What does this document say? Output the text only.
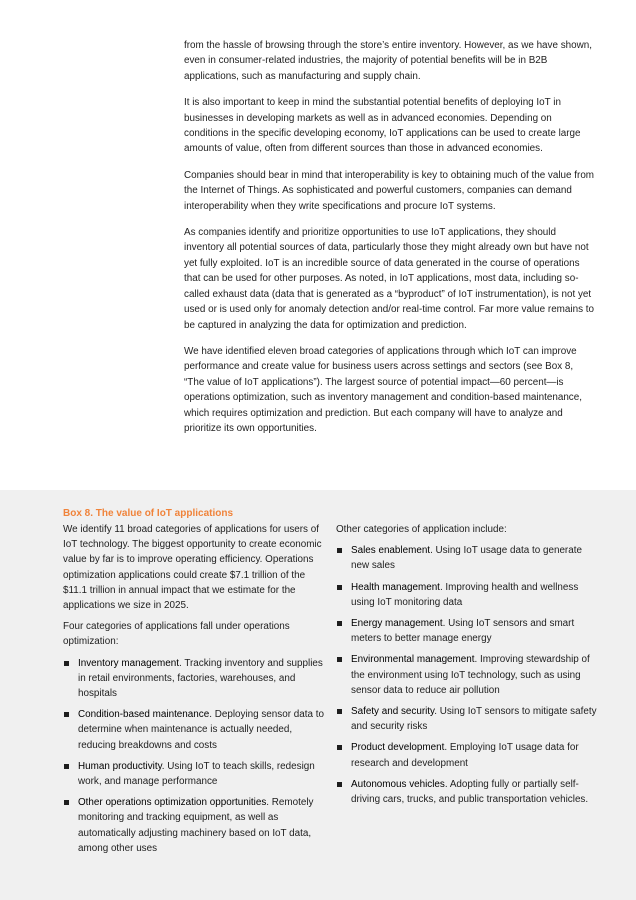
from the hassle of browsing through the store’s entire inventory. However, as we have shown, even in consumer-related industries, the majority of potential benefits will be in B2B applications, such as manufacturing and supply chain.

It is also important to keep in mind the substantial potential benefits of deploying IoT in businesses in developing markets as well as in advanced economies. Depending on conditions in the specific developing economy, IoT applications can be used to create large amounts of value, often from different sources than those in advanced economies.

Companies should bear in mind that interoperability is key to obtaining much of the value from the Internet of Things. As sophisticated and powerful customers, companies can demand interoperability when they write specifications and procure IoT systems.

As companies identify and prioritize opportunities to use IoT applications, they should inventory all potential sources of data, particularly those they might already own but have not yet fully exploited. IoT is an incredible source of data generated in the course of operations that can be used for other purposes. As noted, in IoT applications, most data, including so-called exhaust data (data that is generated as a “byproduct” of IoT instrumentation), is not yet used or is used only for anomaly detection and/or real-time control. Far more value remains to be captured in analyzing the data for optimization and prediction.

We have identified eleven broad categories of applications through which IoT can improve performance and create value for business users across settings and sectors (see Box 8, “The value of IoT applications”). The largest source of potential impact—60 percent—is operations optimization, such as inventory management and condition-based maintenance, which requires optimization and prediction. But each company will have to analyze and prioritize its own opportunities.

Box 8. The value of IoT applications

We identify 11 broad categories of applications for users of IoT technology. The biggest opportunity to create economic value by far is to improve operating efficiency. Operations optimization applications could create $7.1 trillion of the $11.1 trillion in annual impact that we estimate for the applications we size in 2025.

Four categories of applications fall under operations optimization:

Inventory management. Tracking inventory and supplies in retail environments, factories, warehouses, and hospitals
Condition-based maintenance. Deploying sensor data to determine when maintenance is actually needed, reducing breakdowns and costs
Human productivity. Using IoT to teach skills, redesign work, and manage performance
Other operations optimization opportunities. Remotely monitoring and tracking equipment, as well as automatically adjusting machinery based on IoT data, among other uses

Other categories of application include:

Sales enablement. Using IoT usage data to generate new sales
Health management. Improving health and wellness using IoT monitoring data
Energy management. Using IoT sensors and smart meters to better manage energy
Environmental management. Improving stewardship of the environment using IoT technology, such as using sensor data to reduce air pollution
Safety and security. Using IoT sensors to mitigate safety and security risks
Product development. Employing IoT usage data for research and development
Autonomous vehicles. Adopting fully or partially self-driving cars, trucks, and public transportation vehicles.
